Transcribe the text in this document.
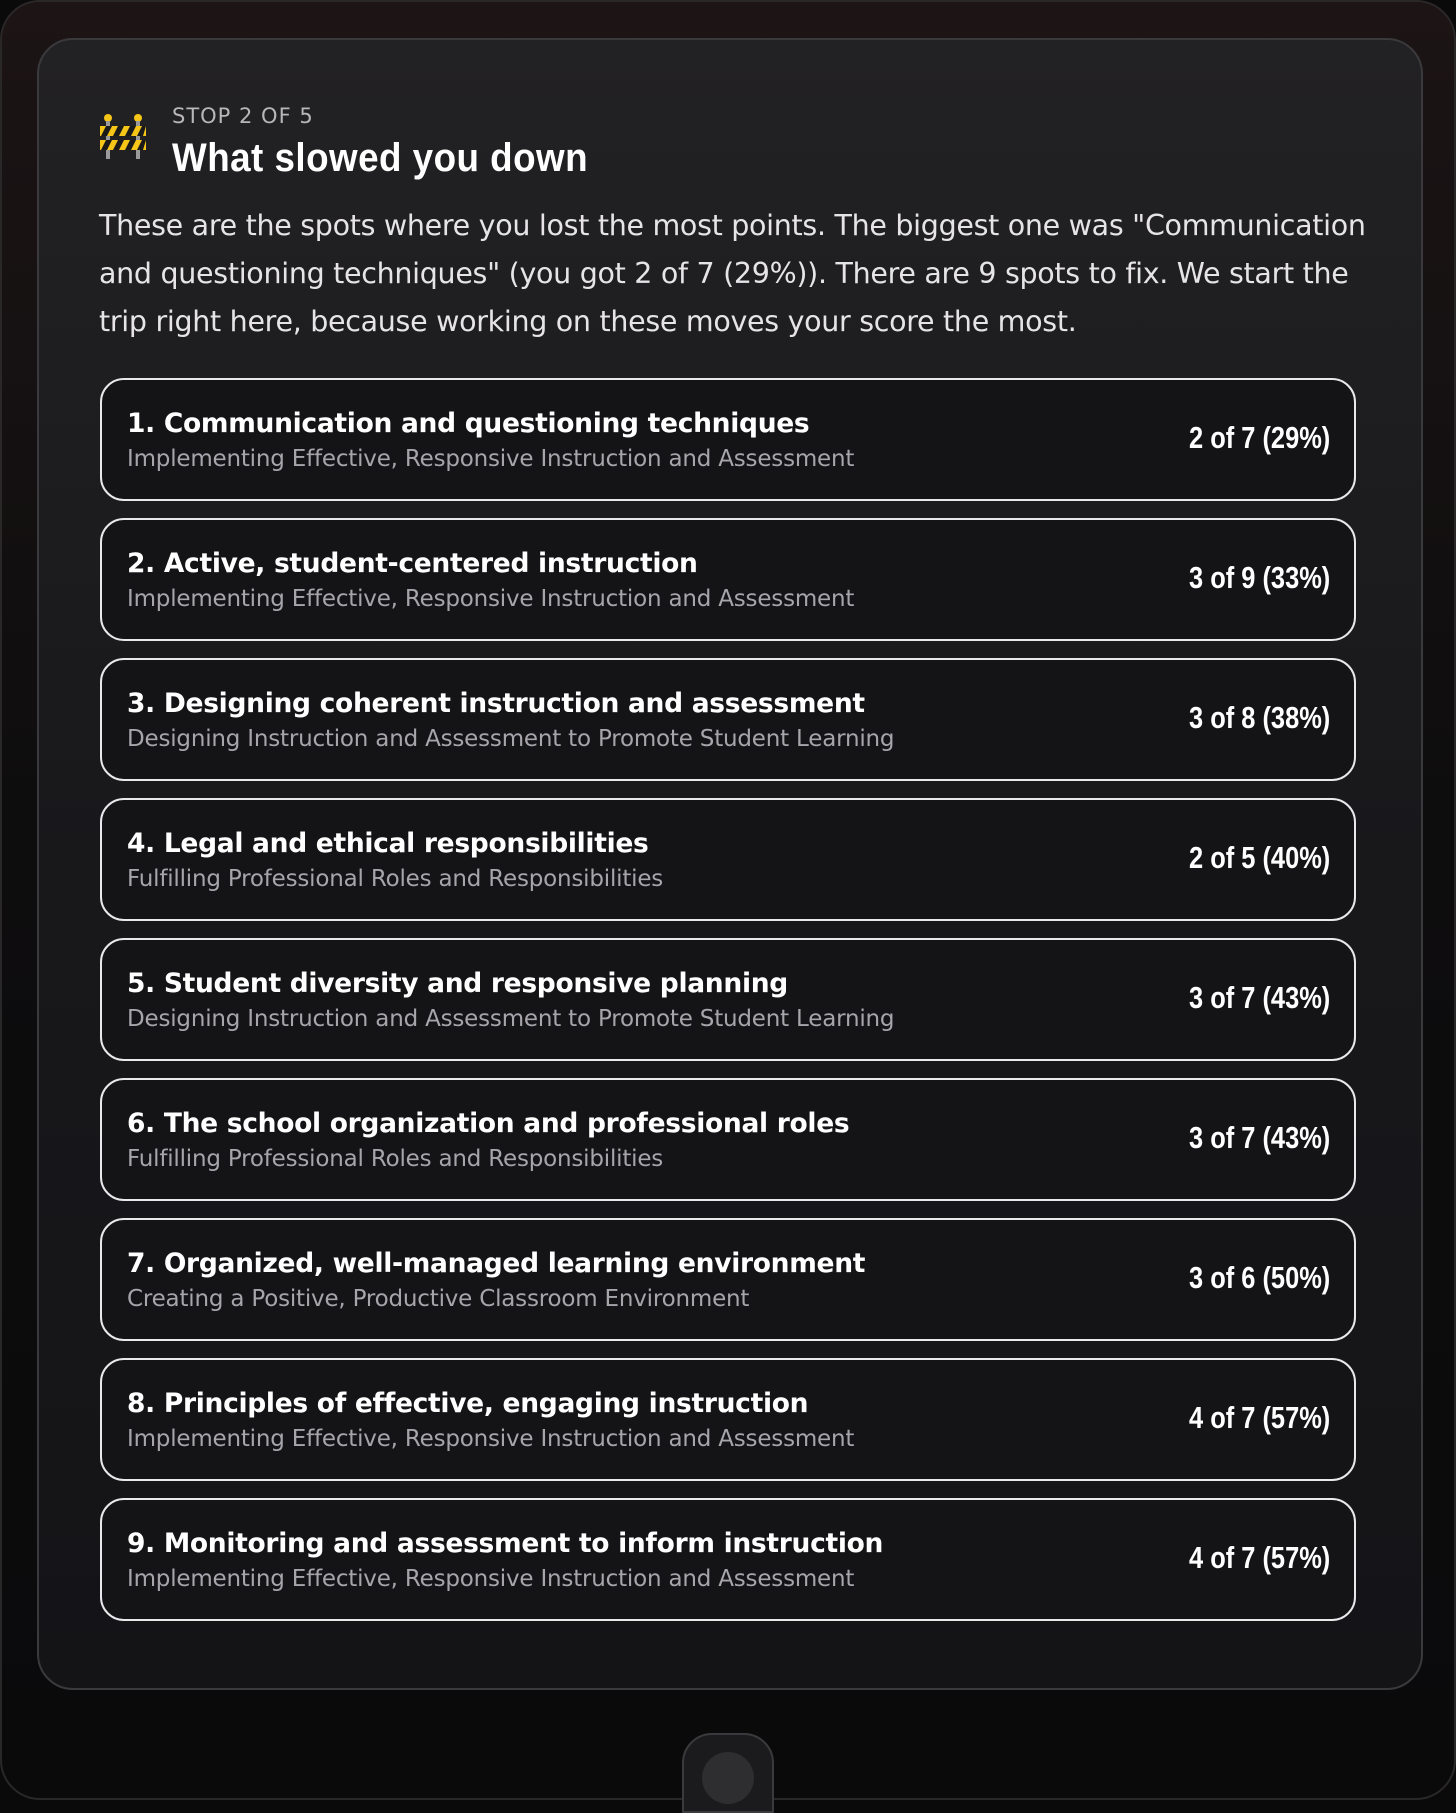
STOP 2 OF 5
What slowed you down

These are the spots where you lost the most points. The biggest one was "Communication and questioning techniques" (you got 2 of 7 (29%)). There are 9 spots to fix. We start the trip right here, because working on these moves your score the most.

1. Communication and questioning techniques
Implementing Effective, Responsive Instruction and Assessment
2 of 7 (29%)
2. Active, student-centered instruction
Implementing Effective, Responsive Instruction and Assessment
3 of 9 (33%)
3. Designing coherent instruction and assessment
Designing Instruction and Assessment to Promote Student Learning
3 of 8 (38%)
4. Legal and ethical responsibilities
Fulfilling Professional Roles and Responsibilities
2 of 5 (40%)
5. Student diversity and responsive planning
Designing Instruction and Assessment to Promote Student Learning
3 of 7 (43%)
6. The school organization and professional roles
Fulfilling Professional Roles and Responsibilities
3 of 7 (43%)
7. Organized, well-managed learning environment
Creating a Positive, Productive Classroom Environment
3 of 6 (50%)
8. Principles of effective, engaging instruction
Implementing Effective, Responsive Instruction and Assessment
4 of 7 (57%)
9. Monitoring and assessment to inform instruction
Implementing Effective, Responsive Instruction and Assessment
4 of 7 (57%)
